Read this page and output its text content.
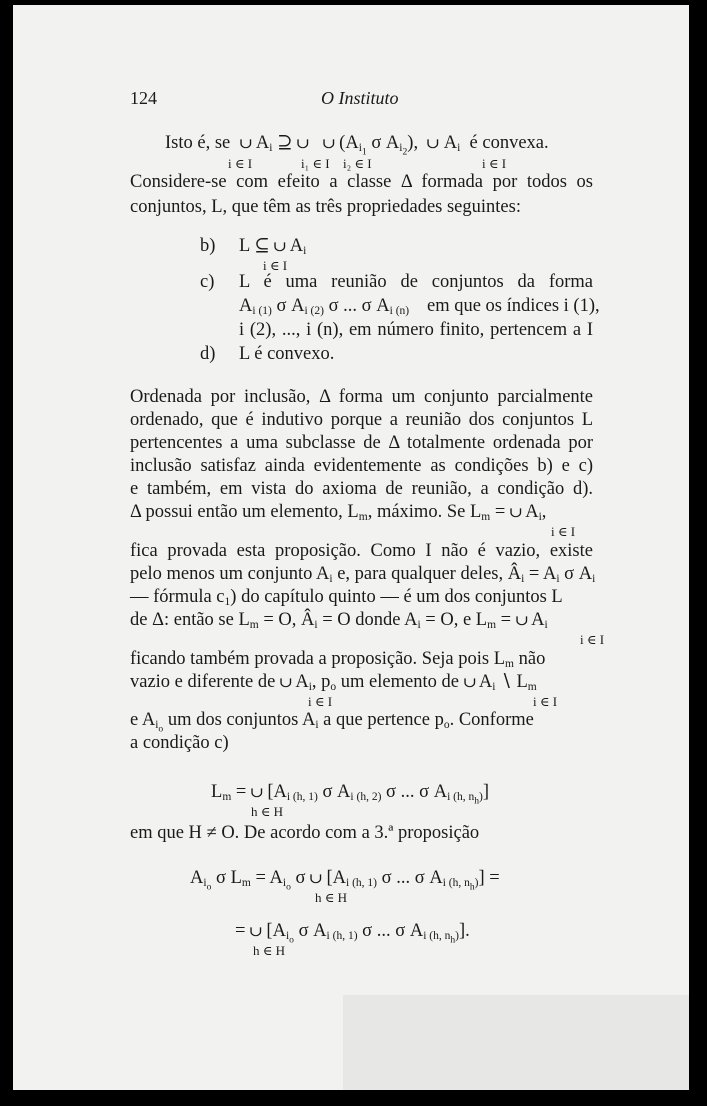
124	O Instituto
Isto é, se ∪ $A_i$ ⊇ ∪ ∪ ($A_{i_1}$ σ $A_{i_2}$),  ∪ $A_i$ é convexa.
i ∈ I	i₁ ∈ I i₂ ∈ I	i ∈ I
Considere-se com efeito a classe Δ formada por todos os
conjuntos, L, que têm as três propriedades seguintes:
b) L ⊆ ∪ $A_i$
i ∈ I
c) L é uma reunião de conjuntos da forma
$A_{i (1)}$ σ $A_{i (2)}$ σ ... σ $A_{i (n)}$ em que os índices i (1),
i (2), ..., i (n), em número finito, pertencem a I
d) L é convexo.
Ordenada por inclusão, Δ forma um conjunto parcialmente
ordenado, que é indutivo porque a reunião dos conjuntos L
pertencentes a uma subclasse de Δ totalmente ordenada por
inclusão satisfaz ainda evidentemente as condições b) e c)
e também, em vista do axioma de reunião, a condição d).
Δ possui então um elemento, $L_m$, máximo. Se $L_m$ = ∪ $A_i$,
i ∈ I
fica provada esta proposição. Como I não é vazio, existe
pelo menos um conjunto $A_i$ e, para qualquer deles, $Â_i = A_i$ σ $A_i$
— fórmula $c_1$) do capítulo quinto — é um dos conjuntos L
de Δ: então se $L_m = O$, $Â_i = O$ donde $A_i = O$, e $L_m$ = ∪ $A_i$
i ∈ I
ficando também provada a proposição. Seja pois $L_m$ não
vazio e diferente de ∪ $A_i$, $p_o$ um elemento de ∪ $A_i$ ∖ $L_m$
i ∈ I	i ∈ I
e $A_{i_o}$ um dos conjuntos $A_i$ a que pertence $p_o$. Conforme
a condição c)
$L_m$ = ∪ [$A_{i (h, 1)}$ σ $A_{i (h, 2)}$ σ ... σ $A_{i (h, n_h)}$]
h ∈ H
em que H ≠ O. De acordo com a 3.ª proposição
$A_{i_o}$ σ $L_m = A_{i_o}$ σ ∪ [$A_{i (h, 1)}$ σ ... σ $A_{i (h, n_h)}$] =
h ∈ H
= ∪ [$A_{i_o}$ σ $A_{i (h, 1)}$ σ ... σ $A_{i (h, n_h)}$].
h ∈ H
